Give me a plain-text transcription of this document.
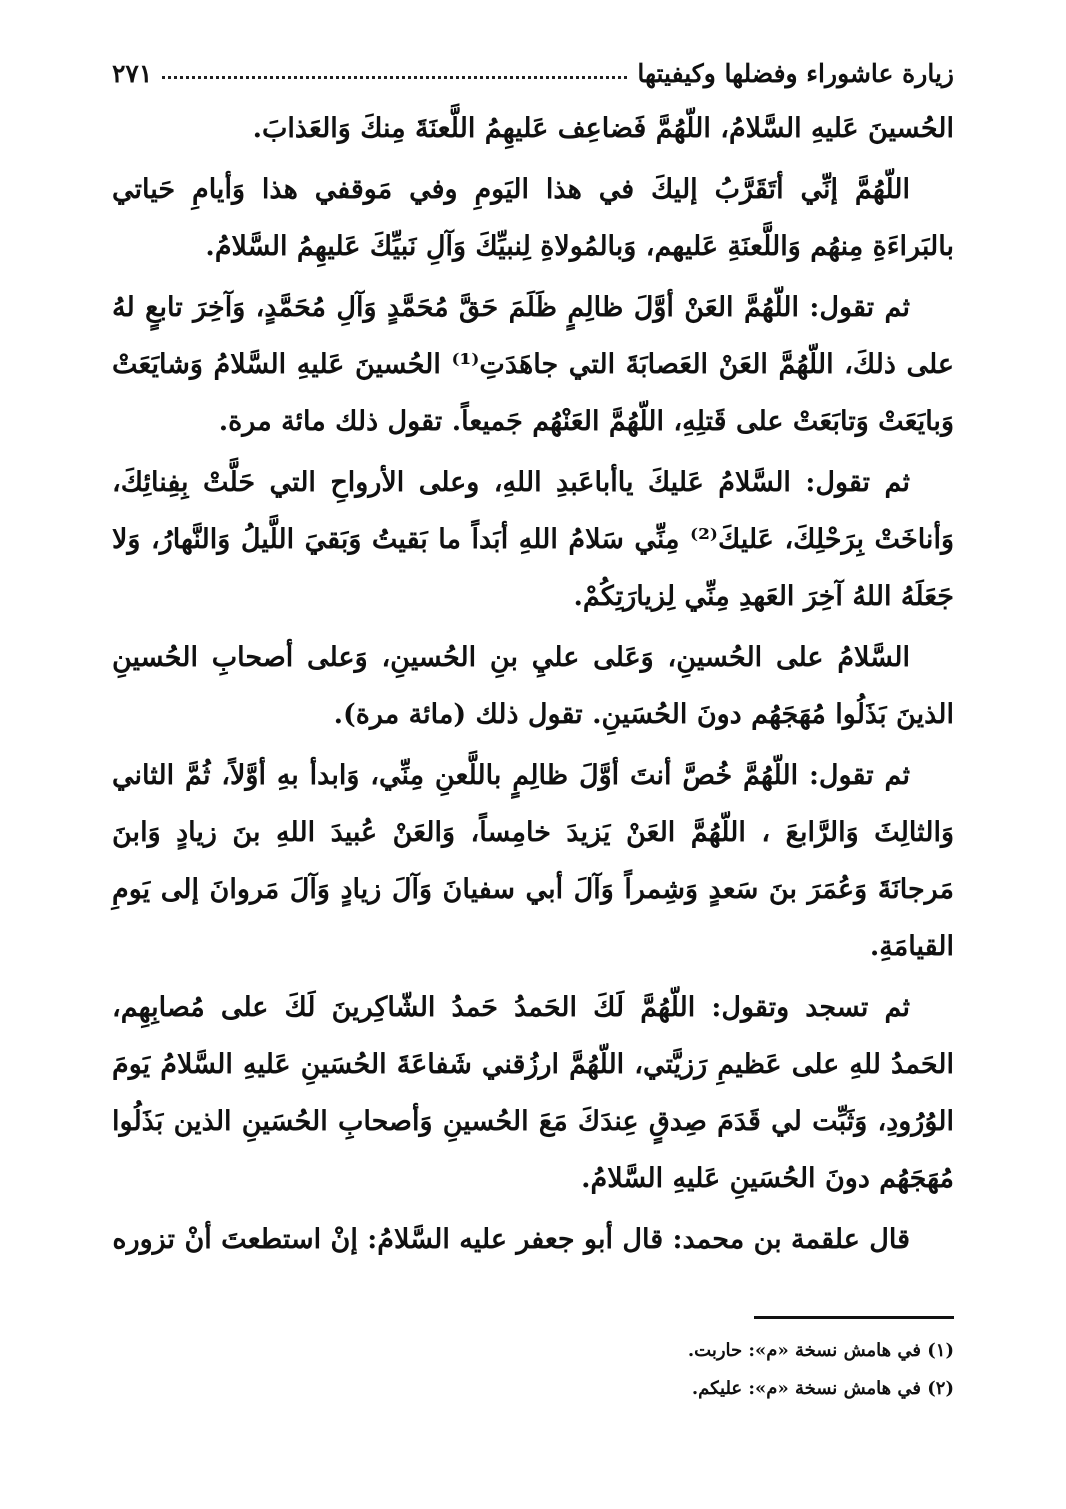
زيارة عاشوراء وفضلها وكيفيتها
٢٧١

الحُسينَ عَليهِ السَّلامُ، اللّهُمَّ فَضاعِف عَليهِمُ اللَّعنَةَ مِنكَ وَالعَذابَ.

اللّهُمَّ إنِّي أتَقَرَّبُ إليكَ في هذا اليَومِ وفي مَوقفي هذا وَأيامِ حَياتي بالبَراءَةِ مِنهُم وَاللَّعنَةِ عَليهم، وَبالمُولاةِ لِنبيِّكَ وَآلِ نَبيِّكَ عَليهِمُ السَّلامُ.

ثم تقول: اللّهُمَّ العَنْ أوَّلَ ظالِمٍ ظَلَمَ حَقَّ مُحَمَّدٍ وَآلِ مُحَمَّدٍ، وَآخِرَ تابعٍ لهُ على ذلكَ، اللّهُمَّ العَنْ العَصابَةَ التي جاهَدَتِ⁽¹⁾ الحُسينَ عَليهِ السَّلامُ وَشايَعَتْ وَبايَعَتْ وَتابَعَتْ على قَتلِهِ، اللّهُمَّ العَنْهُم جَميعاً. تقول ذلك مائة مرة.

ثم تقول: السَّلامُ عَليكَ ياأباعَبدِ اللهِ، وعلى الأرواحِ التي حَلَّتْ بِفِنائِكَ، وَأناخَتْ بِرَحْلِكَ، عَليكَ⁽²⁾ مِنِّي سَلامُ اللهِ أبَداً ما بَقيتُ وَبَقيَ اللَّيلُ وَالنَّهارُ، وَلا جَعَلَهُ اللهُ آخِرَ العَهدِ مِنِّي لِزيارَتِكُمْ.

السَّلامُ على الحُسينِ، وَعَلى عليِ بنِ الحُسينِ، وَعلى أصحابِ الحُسينِ الذينَ بَذَلُوا مُهَجَهُم دونَ الحُسَينِ. تقول ذلك (مائة مرة).

ثم تقول: اللّهُمَّ خُصَّ أنتَ أوَّلَ ظالِمٍ باللَّعنِ مِنِّي، وَابدأ بهِ أوَّلاً، ثُمَّ الثاني وَالثالِثَ وَالرَّابعَ ، اللّهُمَّ العَنْ يَزيدَ خامِساً، وَالعَنْ عُبيدَ اللهِ بنَ زيادٍ وَابنَ مَرجانَةَ وَعُمَرَ بنَ سَعدٍ وَشِمراً وَآلَ أبي سفيانَ وَآلَ زيادٍ وَآلَ مَروانَ إلى يَومِ القيامَةِ.

ثم تسجد وتقول: اللّهُمَّ لَكَ الحَمدُ حَمدُ الشّاكِرينَ لَكَ على مُصابِهِم، الحَمدُ للهِ على عَظيمِ رَزيَّتي، اللّهُمَّ ارزُقني شَفاعَةَ الحُسَينِ عَليهِ السَّلامُ يَومَ الوُرُودِ، وَثَبِّت لي قَدَمَ صِدقٍ عِندَكَ مَعَ الحُسينِ وَأصحابِ الحُسَينِ الذين بَذَلُوا مُهَجَهُم دونَ الحُسَينِ عَليهِ السَّلامُ.

قال علقمة بن محمد: قال أبو جعفر عليه السَّلامُ: إنْ استطعتَ أنْ تزوره

(١) في هامش نسخة «م»: حاربت.
(٢) في هامش نسخة «م»: عليكم.
